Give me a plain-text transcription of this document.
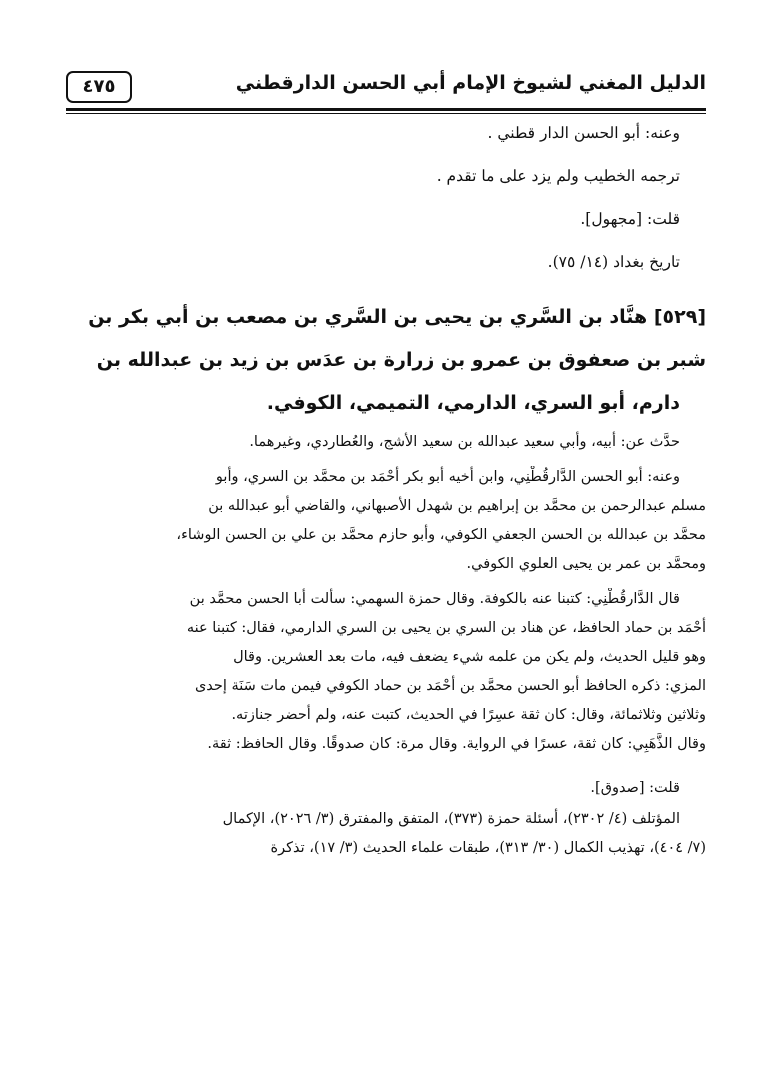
الدليل المغني لشيوخ الإمام أبي الحسن الدارقطني
٤٧٥

وعنه: أبو الحسن الدار قطني .

ترجمه الخطيب ولم يزد على ما تقدم .

قلت: [مجهول].

تاريخ بغداد (١٤/ ٧٥).

[٥٢٩] هنَّاد بن السَّري بن يحيى بن السَّري بن مصعب بن أبي بكر بن

شبر بن صعفوق بن عمرو بن زرارة بن عدَس بن زيد بن عبدالله بن

دارم، أبو السري، الدارمي، التميمي، الكوفي.

حدَّث عن: أبيه، وأبي سعيد عبدالله بن سعيد الأشج، والعُطاردي، وغيرهما.

وعنه: أبو الحسن الدَّارقُطْنِي، وابن أخيه أبو بكر أحْمَد بن محمَّد بن السري، وأبو

مسلم عبدالرحمن بن محمَّد بن إبراهيم بن شهدل الأصبهاني، والقاضي أبو عبدالله بن

محمَّد بن عبدالله بن الحسن الجعفي الكوفي، وأبو حازم محمَّد بن علي بن الحسن الوشاء،

ومحمَّد بن عمر بن يحيى العلوي الكوفي.

قال الدَّارقُطْنِي: كتبنا عنه بالكوفة. وقال حمزة السهمي: سألت أبا الحسن محمَّد بن

أحْمَد بن حماد الحافظ، عن هناد بن السري بن يحيى بن السري الدارمي، فقال: كتبنا عنه

وهو قليل الحديث، ولم يكن من علمه شيء يضعف فيه، مات بعد العشرين. وقال

المزي: ذكره الحافظ أبو الحسن محمَّد بن أحْمَد بن حماد الكوفي فيمن مات سَنَة إحدى

وثلاثين وثلاثمائة، وقال: كان ثقة عسِرًا في الحديث، كتبت عنه، ولم أحضر جنازته.

وقال الذَّهَبِي: كان ثقة، عسرًا في الرواية. وقال مرة: كان صدوقًا. وقال الحافظ: ثقة.

قلت: [صدوق].

المؤتلف (٤/ ٢٣٠٢)، أسئلة حمزة (٣٧٣)، المتفق والمفترق (٣/ ٢٠٢٦)، الإكمال

(٧/ ٤٠٤)، تهذيب الكمال (٣٠/ ٣١٣)، طبقات علماء الحديث (٣/ ١٧)، تذكرة
